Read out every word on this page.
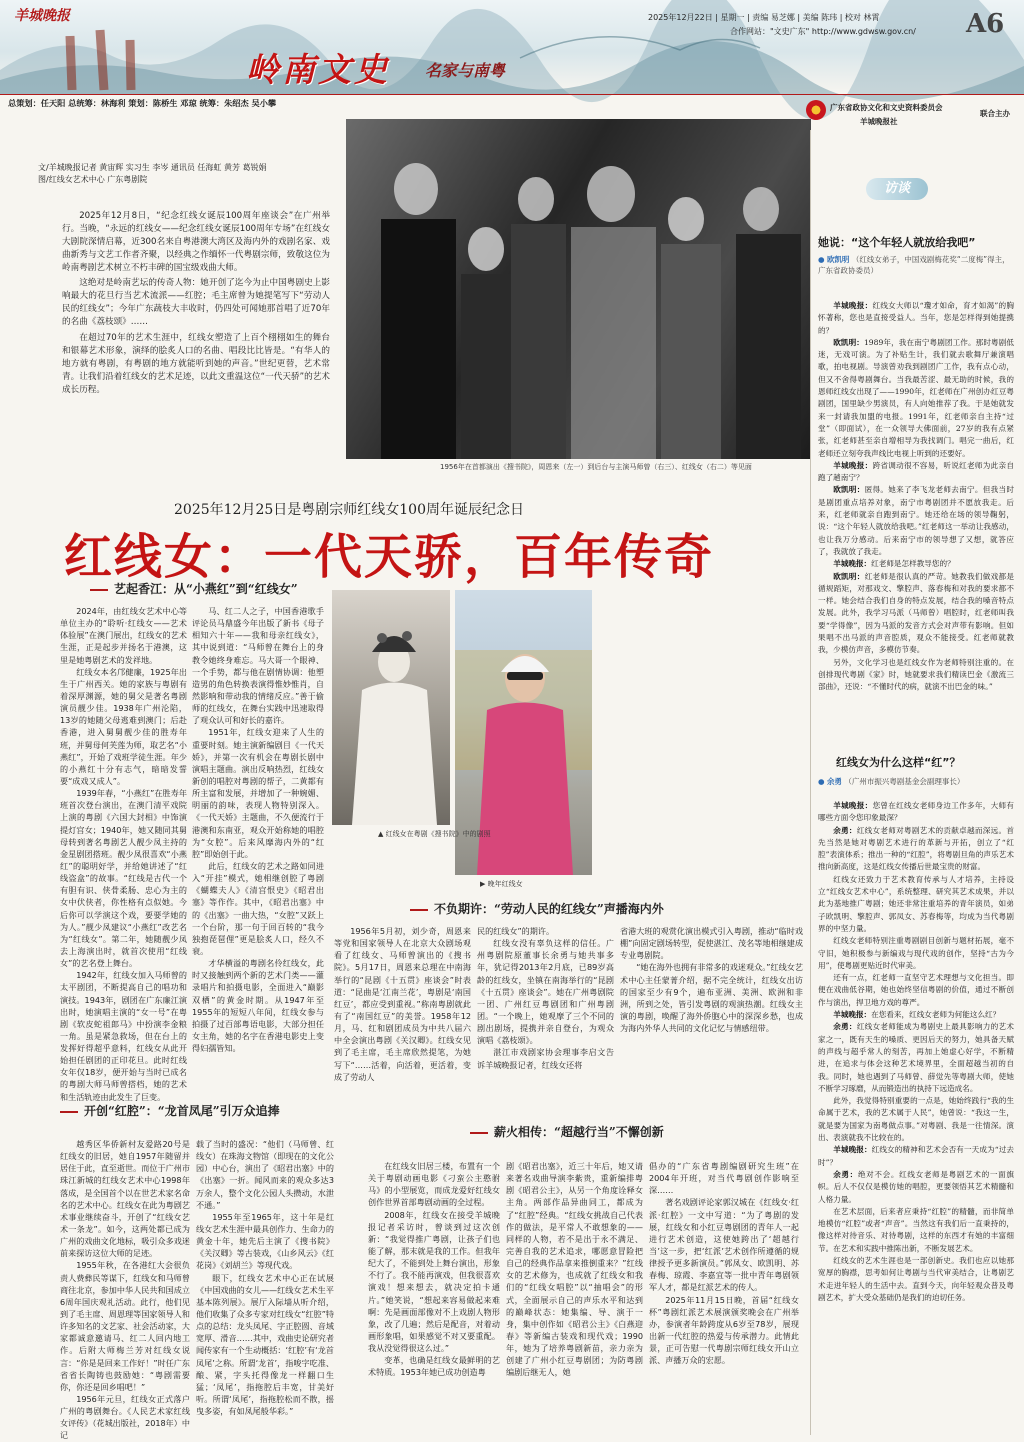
羊城晚报
岭南文史 名家与南粤
2025年12月22日 | 星期一 | 责编 易芝娜 | 美编 陈玮 | 校对 林霄
合作网站："文史广东" http://www.gdwsw.gov.cn/ A6
总策划：任天阳 总统筹：林海利 策划：陈桥生 邓琼 统筹：朱绍杰 吴小攀	广东省政协文化和文史资料委员会
联合主办
羊城晚报社
文/羊城晚报记者 黄宙辉 实习生 李岑 通讯员 任海虹 黄芳 葛锐娟
图/红线女艺术中心 广东粤剧院

2025年12月8日，“纪念红线女诞辰100周年座谈会”在广州举行。当晚，“永远的红线女——纪念红线女诞辰100周年专场”在红线女大剧院深情启幕，近300名来自粤港澳大湾区及海内外的戏剧名家、戏曲新秀与文艺工作者齐聚，以经典之作缅怀一代粤剧宗师，致敬这位为岭南粤剧艺术树立不朽丰碑的国宝级戏曲大师。

这绝对是岭南艺坛的传奇人物：她开创了迄今为止中国粤剧史上影响最大的花旦行当艺术流派——红腔；毛主席曾为她提笔写下“劳动人民的红线女”；今年广东蔬枝大丰收时，仍四处可闻她那首唱了近70年的名曲《荔枝颂》……

在超过70年的艺术生涯中，红线女塑造了上百个栩栩如生的舞台和银幕艺术形象，演绎的脍炙人口的名曲、唱段比比皆是。“有华人的地方就有粤剧，有粤剧的地方就能听到她的声音。”世纪更替，艺术常青。让我们沿着红线女的艺术足迹，以此文重温这位“一代天骄”的艺术成长历程。

1956年在首都演出《搜书院》，周恩来（左一）到后台与主演马师曾（右三）、红线女（右二）等见面
2025年12月25日是粤剧宗师红线女100周年诞辰纪念日
红线女：一代天骄，百年传奇
艺起香江：从“小燕红”到“红线女”

2024年，由红线女艺术中心等单位主办的“聆听·红线女——艺术体验展”在澳门展出，红线女的艺术生涯，正是起步并扬名于港澳，这里是她粤剧艺术的发祥地。

红线女本名邝健廉，1925年出生于广州西关。她的家族与粤剧有着深厚渊源，她的舅父是著名粤剧演员靓少佳。1938年广州沦陷，13岁的她随父母逃难到澳门；后赴香港，进入舅舅靓少佳的胜寿年班，并舅母何芙莲为师，取艺名“小燕红”，开始了戏班学徒生涯。年少的小燕红十分有志气，暗暗发誓要“成戏又成人”。

1939年春，“小燕红”在胜寿年班首次登台演出，在澳门清平戏院上演的粤剧《六国大封相》中饰演提灯宫女；1940年，她又随同其舅母转到著名粤剧艺人靓少凤主持的金星剧团搭班。靓少凤很喜欢“小燕红”的聪明好学，并给她讲述了“红线盗盒”的故事。“红线是古代一个有胆有识、侠骨柔肠、忠心为主的女中伏侠者，你性格有点似她。今后你可以学演这个戏，要要学她的为人。”靓少凤建议“小燕红”改艺名为“红线女”。第二年，她随靓少凤去上海演出时，就首次使用“红线女”的艺名登上舞台。

1942年，红线女加入马师曾的太平剧团，不断提高自己的唱功和演技。1943年，剧团在广东廉江演出时，她演唱主演的“女一号”在粤剧《软皮蛇祖郎马》中扮演李金粮一角。虽是紧急救场，但在台上的发挥好得超乎意料，红线女从此开始担任剧团的正印花旦。此时红线女年仅18岁，便开始与当时已成名的粤剧大师马师曾搭档，她的艺术和生活轨迹由此发生了巨变。

马、红二人之子，中国香港歌手评论员马鼎盛今年出版了新书《母子相知六十年——我和母亲红线女》，其中说到道：“马师曾在舞台上的身教令她终身难忘。马大哥一个眼神、一个手势，都与他在剧情协调：他塑造男的角色转换表演得惟妙惟肖，自然影响和带动我的情绪反应。”善于偷师的红线女，在舞台实践中迅速取得了观众认可和好长的嘉许。

1951年，红线女迎来了人生的重要时刻。她主演新编剧目《一代天娇》，并第一次有机会在粤剧长剧中演唱主题曲。演出反响热烈，红线女新创的唱腔对粤剧的帮子，二黄都有所主富和发展，并增加了一种婉媚、明丽的韵味，表现人物特别深入。《一代天娇》主题曲，不久便流行于港澳和东南亚，观众开始称她的唱腔为“女腔”。后来风靡海内外的“红腔”即始创于此。

此后，红线女的艺术之路如同进入“开挂”模式，她相继创腔了粤剧《蝴蝶夫人》《清宫恨史》《昭君出塞》等作作。其中，《昭君出塞》中的《出塞》一曲大热，“女腔”又跃上一个台阶，那一句于回百转的“我今独抱琵琶俚”更是脍炙人口，经久不衰。

才华横溢的粤剧名伶红线女，此时又接触到两个新的艺术门类——灌录唱片和拍摄电影，全面进入“巅影双栖”的黄金时期。从1947年至1955年的短短八年间，红线女参与拍摄了过百部粤语电影，大部分担任女主角，她的名字在香港电影史上变得妇孺皆知。

▲ 红线女在粤剧《搜书院》中的剧照
▶ 晚年红线女
不负期许：“劳动人民的红线女”声播海内外

1956年5月初，刘少奇，周恩来等党和国家领导人在北京大众剧场观看了红线女、马师曾演出的《搜书院》。5月17日，周恩来总理在中南海举行的“昆剧《十五贯》座谈会”时表道：“昆曲是‘江南兰花’，粤剧是‘南国红豆’，都应受到重视。”称南粤剧就此有了“南国红豆”的美誉。1958年12月，马、红和剧团成员为中共八届六中全会演出粤剧《关汉卿》。红线女见到了毛主席，毛主席欣然提笔，为她写下“……活着，向活着，更活着，变成了劳动人

民的红线女”的期许。

红线女没有辜负这样的信任。广州粤剧院原董事长余勇与她共事多年，犹记得2013年2月底，已89岁高龄的红线女，坐镇在南海举行的“昆剧《十五贯》座谈会”。她在广州粤剧院一团、广州红豆粤剧团和广州粤剧团。“一个晚上，她观摩了三个不同的剧出剧场，提携并亲自登台，为观众演唱《荔枝颂》。

湛江市戏剧家协会理事李启文告诉羊城晚报记者，红线女还将

省港大班的观赏化演出模式引入粤剧，推动“临时戏棚”向固定剧场转型，促使湛江、茂名等地相继建成专业粤剧院。

“她在海外也拥有非常多的戏迷观众。”红线女艺术中心主任蒙菁介绍，据不完全统计，红线女出访的国家至少有9个，遍布亚洲、美洲、欧洲和非洲，所到之处，皆引发粤剧的观演热潮。红线女主演的粤剧，唤醒了海外侨胞心中的深深乡愁，也成为海内外华人共同的文化记忆与情感纽带。

开创“红腔”：“龙首凤尾”引万众追捧

越秀区华侨新村友爱路20号是红线女的旧居，她自1957年随留并居住于此，直至逝世。而位于广州市珠江新城的红线女艺术中心1998年落成，是全国首个以在世艺术家名命名的艺术中心。红线女在此为粤剧艺术事业继续奋斗，开创了“红线女艺术一条龙”。如今，这两处都已成为广州的戏曲文化地标，吸引众多戏迷前来探访这位大师的足迹。

1955年秋，在各港红大会很负责人费彝民等谋下，红线女和马师曾商往北京，参加中华人民共和国成立6周年国庆观礼活动。此行，他们见到了毛主席、周恩理等国家领导人和许多知名的文艺家、社会活动家，大家都诚意邀请马、红二人回内地工作。后附大师梅兰芳对红线女说言：“你是是回来工作好！”时任广东省省长陶铸也鼓励她：“粤剧需要你，你还是回乡唱吧！”

1956年元旦，红线女正式落户广州的粤剧舞台。《人民艺术家红线女评传》（花城出版社，2018年）中记

载了当时的盛况：“他们（马师曾、红线女）在珠海文物馆（即现在的文化公园）中心台，演出了《昭君出塞》中的《出塞》一折。闻风而来的观众多达3万余人，整个文化公园人头攒动，水泄不通。”

1955年至1965年，这十年是红线女艺术生涯中最具创作力、生命力的黄金十年，她先后主演了《搜书院》《关汉卿》等古装戏，《山乡风云》《红花岗》《刘胡兰》等现代戏。

眼下，红线女艺术中心正在试展《中国戏曲的女儿——红线女艺术生平基本陈列展》。展厅入际墙从听介绍，他们收集了众多专家对红线女“红腔”特点的总结：龙头凤尾、字正腔圆、音域宽厚、滑音……其中，戏曲史论研究者闻传家有一个生动概括：‘红腔’有‘龙首凤尾’之称。所谓‘龙首’，指唆字吃准、酿、紧，字头托得像龙一样翻口生猛；‘凤尾’，指拖腔后丰宽，甘美好听。所谓‘凤尾’，指拖腔松而不散，摇曳多姿，有如凤尾般华彩。”

薪火相传：“超越行当”不懈创新

在红线女旧居三楼，布置有一个关于粤剧动画电影《刁蛮公主憨驸马》的小型展览，而成龙爱好红线女创作世界首部粤剧动画的全过程。

2008年，红线女在接受羊城晚报记者采访时，曾谈到过这次创新：“我觉得推广粤剧，让孩子们也能了解，那末就是我的工作。但我年纪大了，不能到处上舞台演出，形象不行了。我不能再演戏，但我很喜欢演戏！想来想去，就决定拍卡通片。”她笑说，“想起来容易做起来难啊：先是画面部像对不上戏剧人物形象，改了几遍；然后是配音，对着动画形象唱，如果感觉不对又要重配。我从没觉得很这么过。”

变革，也确是红线女最鲜明的艺术特质。1953年她已成功创造粤

剧《昭君出塞》，近三十年后，她又请来著名戏曲导演李紫贵，重新编排粤剧《昭君公主》，从另一个角度诠释女主角。两部作品异曲同工，都成为了“红腔”经典。“红线女挑战自己代表作的做法，是平常人不敢想象的——同样的人物，若不是出于永不满足、完善自我的艺术追求，哪愿意冒险把自己的经典作品拿来推倒重来？”红线女的艺术修为，也成就了红线女和我们的“红线女唱腔”以“抽唱会”的形式，全面展示自己的声乐水平和达到的巅峰状态：她集编、导、演于一身，集中创作如《昭君公主》《白燕迎春》等新编古装戏和现代戏；1990年，她为了培养粤剧新苗，亲力亲为创建了广州小红豆粤剧团；为防粤剧编剧后继无人，她
倡办的“广东省粤剧编剧研究生班”在2004年开班，对当代粤剧创作影响至深……

著名戏剧评论家郭汉城在《红线女·红派·红腔》一文中写道：“为了粤剧的发展，红线女和小红豆粤剧团的青年人一起进行艺术创造，这使她跨出了‘超越行当’这一步，把‘红派’艺术创作所遵循的规律授予更多新演员。”郭凤女、欧凯明、苏春梅、琼霞、李嘉宜等一批中青年粤剧领军人才，都是红派艺术的传人。

2025年11月15日晚，首届“红线女杯”粤剧红派艺术展演颁奖晚会在广州举办，参演者年龄跨度从6岁至78岁，展现出新一代红腔的热爱与传承潜力。此情此景，正可告慰一代粤剧宗师红线女开山立派、声播万众的宏愿。

访谈
她说：“这个年轻人就放给我吧”
● 欧凯明 （红线女弟子，中国戏剧梅花奖“二度梅”得主，广东省政协委员）
羊城晚报：红线女大师以“瓊才如命，育才如渴”的胸怀著称，您也是直接受益人。当年，您是怎样得到她提携的？
欧凯明：1989年，我在南宁粤剧团工作。那时粤剧低迷，无戏可演。为了补贴生计，我们就去歌舞厅兼演唱歌，拍电视剧。导演曾劝我到剧团广工作，我有点心动，但又不舍得粤剧舞台。当我最苦涩、最无助的时候，我的恩师红线女出现了——1990年，红老师在广州创办红豆粤剧团，国里缺少男演员，有人向她推荐了我。于是她就发来一封请我加盟的电报。1991年，红老师亲自主持“过堂”（即面试），在一众领导大佛面前，27岁的我有点紧张，红老师甚至亲自增相导为我找调门。唱完一曲后，红老师还立刻夸我声线比电视上听到的还要好。
羊城晚报：跨省调动很不容易，听说红老师为此亲自跑了趟南宁？
欧凯明：匿得。她来了李飞龙老师去南宁。但我当时是剧团重点培养对象，南宁市粤剧团并不愿放我走。后来，红老师就亲自跑到南宁。她还给在场的领导鞠躬，说：“这个年轻人就放给我吧。”红老师这一举动让我感动，也让我万分感动。后来南宁市的领导想了又想，就答应了，我就放了我走。
羊城晚报：红老师是怎样教导您的？
欧凯明：红老师是很认真的严苛。她教我们做戏都是循规蹈矩，对那戏文、擎腔声、落春梅和对我的要求都不一样。她会结合我们自身的特点发展，结合我的嗓音特点发展。此外，我学习马派（马师曾）唱腔时，红老师叫我要“学得像”，因为马派的发音方式会对声带有影响。但如果唱不出马派的声音腔质，观众不能接受。红老师就教我，少模仿声音，多模仿节奏。
另外，文化学习也是红线女作为老师特别注重的。在创排现代粤剧《家》时，她就要求我们精读巴金《激流三部曲》，还说：“不懂时代的病，就演不出巴金的味。”
红线女为什么这样“红”？
● 余勇 （广州市振兴粤剧基金会副理事长）
羊城晚报：您曾在红线女老师身边工作多年，大师有哪些方面令您印象最深？
余勇：红线女老师对粤剧艺术的贡献卓越而深远。首先当然是她对粤剧艺术进行的革新与开拓，创立了“红腔”表演体系；推出一种的“红腔”，将粤剧旦角的声乐艺术推向新高度，这是红线女传播后世最宝贵的财富。
红线女还致力于艺术教育传承与人才培养，主持设立“红线女艺术中心”，系统整理、研究其艺术成果，并以此为基地推广粤剧；她还非常注重培养的青年演员，如弟子欧凯明、擎腔声、郭凤女、苏春梅等，均成为当代粤剧界的中坚力量。
红线女老师特别注重粤剧剧目创新与题材拓展，毫不守旧，她积极参与新编戏与现代戏的创作，坚持“古为今用”，使粤剧更贴近时代审美。
还有一点，红老师一直坚守艺术理想与文化担当。即便在戏曲低谷期，她也始终坚信粤剧的价值，通过不断创作与演出，捍卫地方戏的尊严。
羊城晚报：在您看来，红线女老师为何能这么红？
余勇：红线女老师能成为粤剧史上最具影响力的艺术家之一，既有天生的嗓质、更因后天的努力，她具备天赋的声线与超乎常人的刻苦，再加上她虚心好学，不断精进，在追求与体会这种艺术境界里，全面超越当初的自我。同时，她也遇到了马师曾、薛觉先等粤剧大师，使她不断学习琢磨，从而锻造出的执持下远造成名。
此外，我觉得特别重要的一点是，她始终践行“我的生命属于艺术，我的艺术属于人民”，她曾说：“我这一生，就是要为国家为南粤做点事。”对粤剧、我是一往情深。演出、表演就我不比较在的。
羊城晚报：红线女的精神和艺术会否有一天成为“过去时”？
余勇：绝对不会。红线女老师是粤剧艺术的一面旗帜。后人不仅仅是模仿她的唱腔，更要领悟其艺术精髓和人格力量。
在艺术层面，后来者应秉持“红腔”的精髓，而非简单地模仿“红腔”或者“声音”。当然这有我们后一直秉持的，像这样对待音乐、对待粤剧，这样的东西才有她的丰富细节。在艺术和实践中推陈出新，不断发展艺术。
红线女的艺术生涯也是一部创新史。我们也应以她那宽厚的胸襟，思考如何让粤剧与当代审美结合，让粤剧艺术走进年轻人的生活中去。直到今天，向年轻观众普及粤剧艺术，扩大受众基础仍是我们的迫切任务。
